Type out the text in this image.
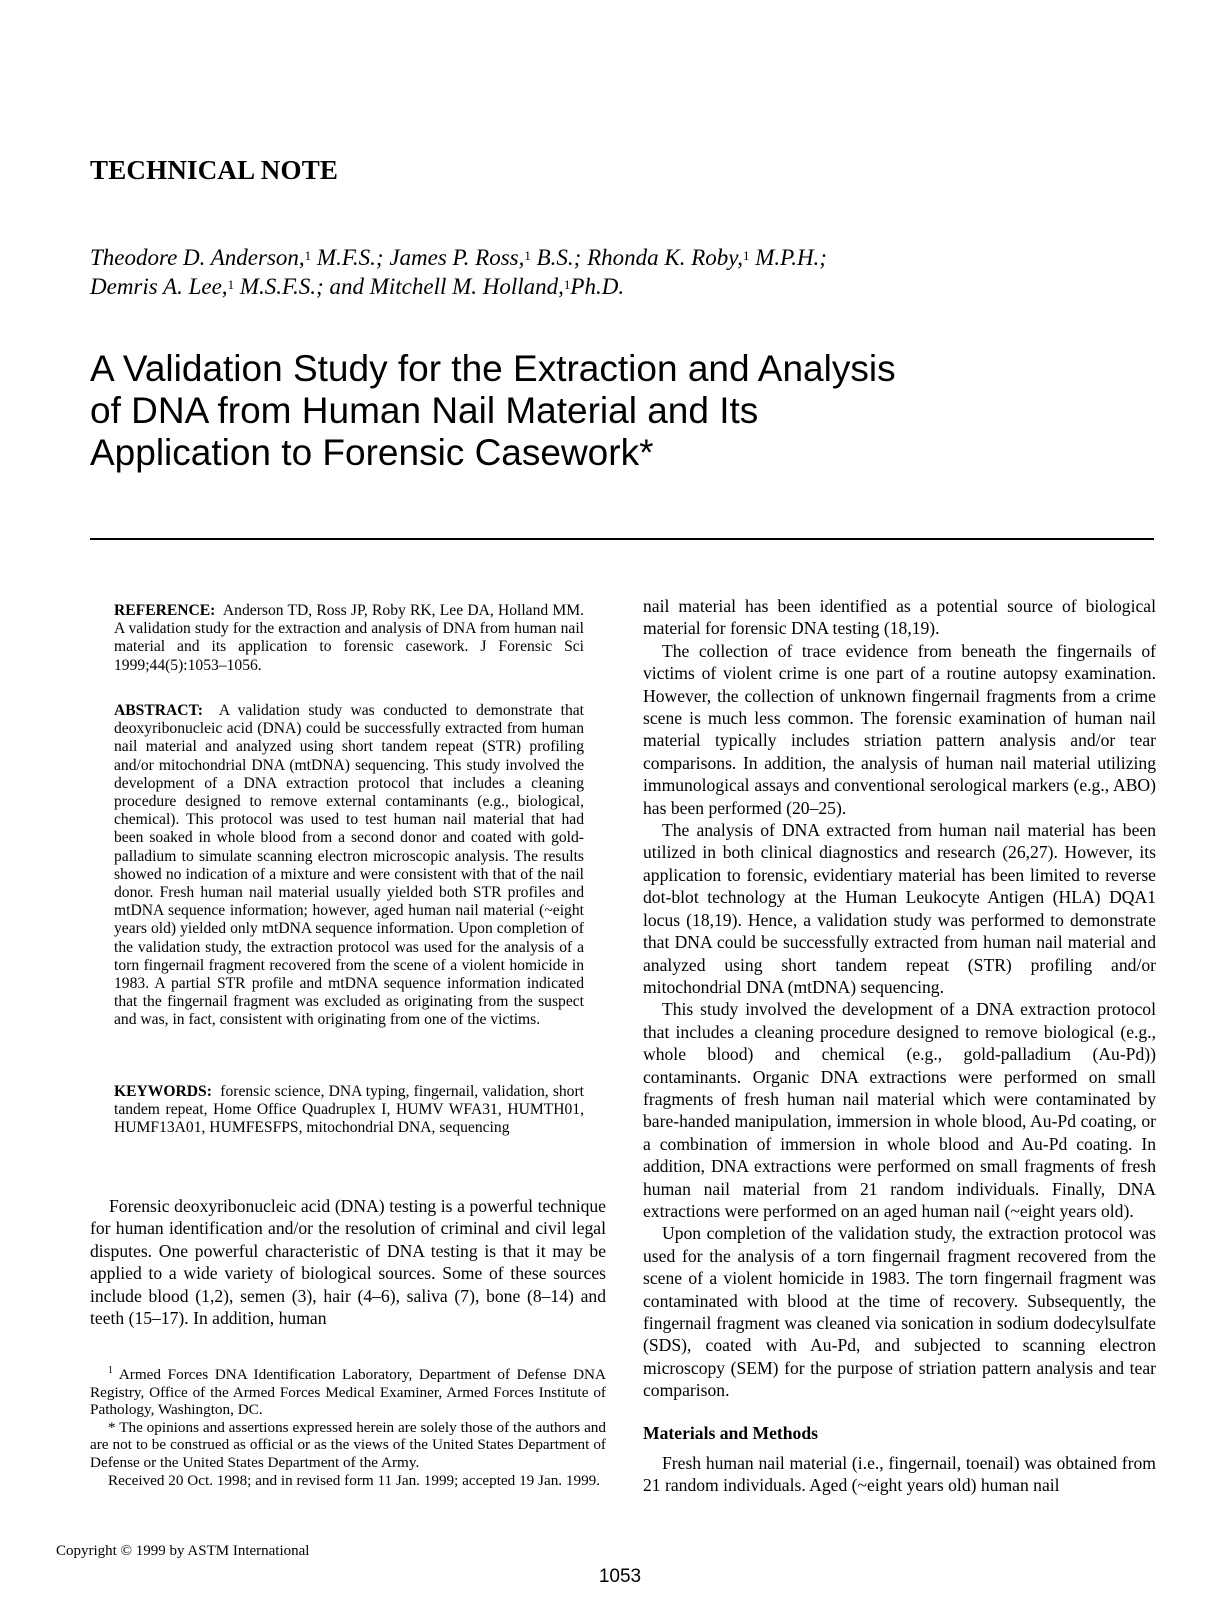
TECHNICAL NOTE
Theodore D. Anderson,$^1$ M.F.S.; James P. Ross,$^1$ B.S.; Rhonda K. Roby,$^1$ M.P.H.;
Demris A. Lee,$^1$ M.S.F.S.; and Mitchell M. Holland,$^1$Ph.D.
A Validation Study for the Extraction and Analysis
of DNA from Human Nail Material and Its
Application to Forensic Casework*
REFERENCE: Anderson TD, Ross JP, Roby RK, Lee DA, Holland MM. A validation study for the extraction and analysis of DNA from human nail material and its application to forensic casework. J Forensic Sci 1999;44(5):1053–1056.
ABSTRACT: A validation study was conducted to demonstrate that deoxyribonucleic acid (DNA) could be successfully extracted from human nail material and analyzed using short tandem repeat (STR) profiling and/or mitochondrial DNA (mtDNA) sequencing. This study involved the development of a DNA extraction protocol that includes a cleaning procedure designed to remove external contaminants (e.g., biological, chemical). This protocol was used to test human nail material that had been soaked in whole blood from a second donor and coated with gold-palladium to simulate scanning electron microscopic analysis. The results showed no indication of a mixture and were consistent with that of the nail donor. Fresh human nail material usually yielded both STR profiles and mtDNA sequence information; however, aged human nail material (~eight years old) yielded only mtDNA sequence information. Upon completion of the validation study, the extraction protocol was used for the analysis of a torn fingernail fragment recovered from the scene of a violent homicide in 1983. A partial STR profile and mtDNA sequence information indicated that the fingernail fragment was excluded as originating from the suspect and was, in fact, consistent with originating from one of the victims.
KEYWORDS: forensic science, DNA typing, fingernail, validation, short tandem repeat, Home Office Quadruplex I, HUMV WFA31, HUMTH01, HUMF13A01, HUMFESFPS, mitochondrial DNA, sequencing

Forensic deoxyribonucleic acid (DNA) testing is a powerful technique for human identification and/or the resolution of criminal and civil legal disputes. One powerful characteristic of DNA testing is that it may be applied to a wide variety of biological sources. Some of these sources include blood (1,2), semen (3), hair (4–6), saliva (7), bone (8–14) and teeth (15–17). In addition, human

$^1$ Armed Forces DNA Identification Laboratory, Department of Defense DNA Registry, Office of the Armed Forces Medical Examiner, Armed Forces Institute of Pathology, Washington, DC.

* The opinions and assertions expressed herein are solely those of the authors and are not to be construed as official or as the views of the United States Department of Defense or the United States Department of the Army.

Received 20 Oct. 1998; and in revised form 11 Jan. 1999; accepted 19 Jan. 1999.

nail material has been identified as a potential source of biological material for forensic DNA testing (18,19).

The collection of trace evidence from beneath the fingernails of victims of violent crime is one part of a routine autopsy examination. However, the collection of unknown fingernail fragments from a crime scene is much less common. The forensic examination of human nail material typically includes striation pattern analysis and/or tear comparisons. In addition, the analysis of human nail material utilizing immunological assays and conventional serological markers (e.g., ABO) has been performed (20–25).

The analysis of DNA extracted from human nail material has been utilized in both clinical diagnostics and research (26,27). However, its application to forensic, evidentiary material has been limited to reverse dot-blot technology at the Human Leukocyte Antigen (HLA) DQA1 locus (18,19). Hence, a validation study was performed to demonstrate that DNA could be successfully extracted from human nail material and analyzed using short tandem repeat (STR) profiling and/or mitochondrial DNA (mtDNA) sequencing.

This study involved the development of a DNA extraction protocol that includes a cleaning procedure designed to remove biological (e.g., whole blood) and chemical (e.g., gold-palladium (Au-Pd)) contaminants. Organic DNA extractions were performed on small fragments of fresh human nail material which were contaminated by bare-handed manipulation, immersion in whole blood, Au-Pd coating, or a combination of immersion in whole blood and Au-Pd coating. In addition, DNA extractions were performed on small fragments of fresh human nail material from 21 random individuals. Finally, DNA extractions were performed on an aged human nail (~eight years old).

Upon completion of the validation study, the extraction protocol was used for the analysis of a torn fingernail fragment recovered from the scene of a violent homicide in 1983. The torn fingernail fragment was contaminated with blood at the time of recovery. Subsequently, the fingernail fragment was cleaned via sonication in sodium dodecylsulfate (SDS), coated with Au-Pd, and subjected to scanning electron microscopy (SEM) for the purpose of striation pattern analysis and tear comparison.

Materials and Methods

Fresh human nail material (i.e., fingernail, toenail) was obtained from 21 random individuals. Aged (~eight years old) human nail

Copyright © 1999 by ASTM International
1053
